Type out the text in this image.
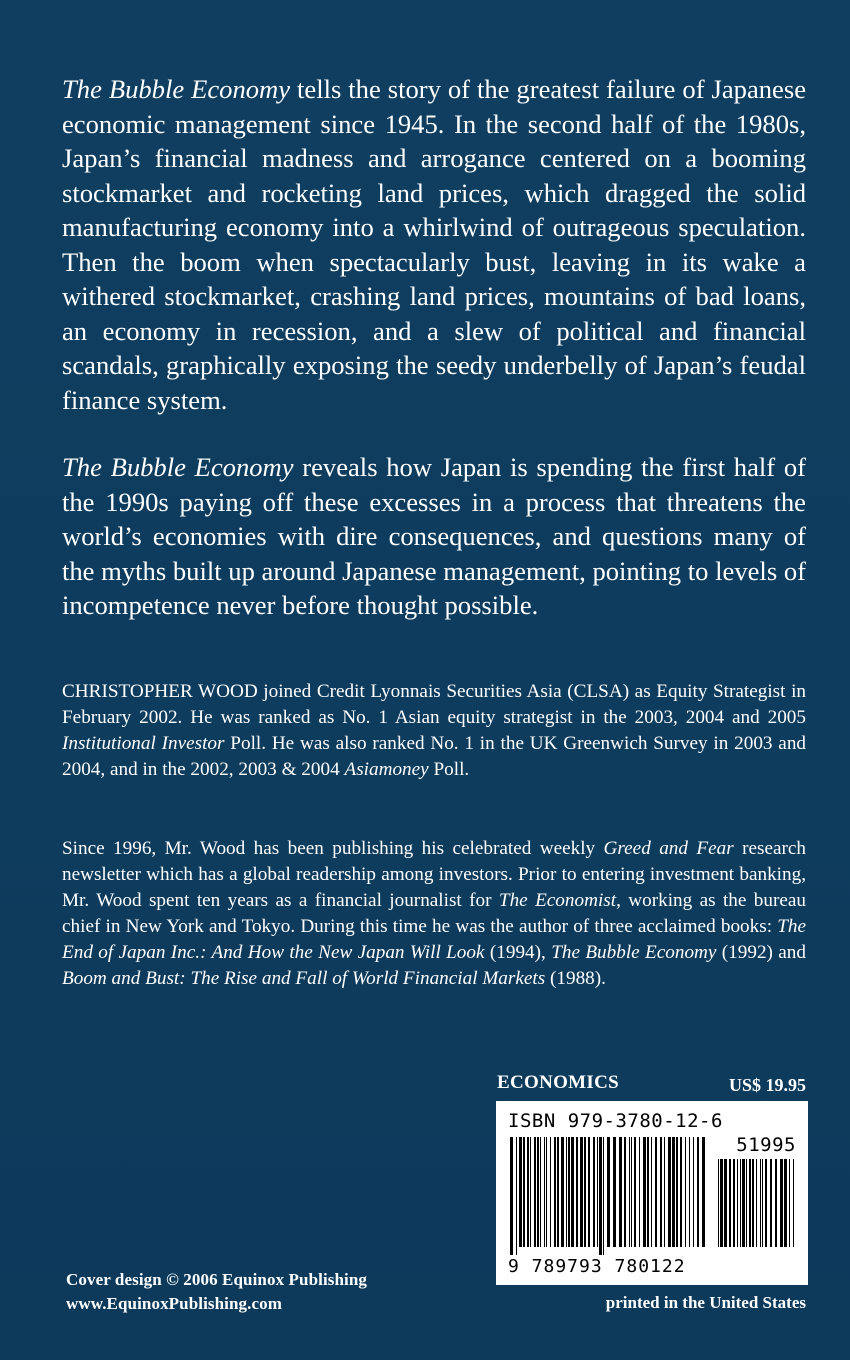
The Bubble Economy tells the story of the greatest failure of Japanese economic management since 1945. In the second half of the 1980s, Japan’s financial madness and arrogance centered on a booming stockmarket and rocketing land prices, which dragged the solid manufacturing economy into a whirlwind of outrageous speculation. Then the boom when spectacularly bust, leaving in its wake a withered stockmarket, crashing land prices, mountains of bad loans, an economy in recession, and a slew of political and financial scandals, graphically exposing the seedy underbelly of Japan’s feudal finance system.

The Bubble Economy reveals how Japan is spending the first half of the 1990s paying off these excesses in a process that threatens the world’s economies with dire consequences, and questions many of the myths built up around Japanese management, pointing to levels of incompetence never before thought possible.

CHRISTOPHER WOOD joined Credit Lyonnais Securities Asia (CLSA) as Equity Strategist in February 2002. He was ranked as No. 1 Asian equity strategist in the 2003, 2004 and 2005 Institutional Investor Poll. He was also ranked No. 1 in the UK Greenwich Survey in 2003 and 2004, and in the 2002, 2003 & 2004 Asiamoney Poll.

Since 1996, Mr. Wood has been publishing his celebrated weekly Greed and Fear research newsletter which has a global readership among investors. Prior to entering investment banking, Mr. Wood spent ten years as a financial journalist for The Economist, working as the bureau chief in New York and Tokyo. During this time he was the author of three acclaimed books: The End of Japan Inc.: And How the New Japan Will Look (1994), The Bubble Economy (1992) and Boom and Bust: The Rise and Fall of World Financial Markets (1988).

ECONOMICS	US$ 19.95
ISBN 979-3780-12-6
51995
9 789793 780122
Cover design © 2006 Equinox Publishing
www.EquinoxPublishing.com	printed in the United States
